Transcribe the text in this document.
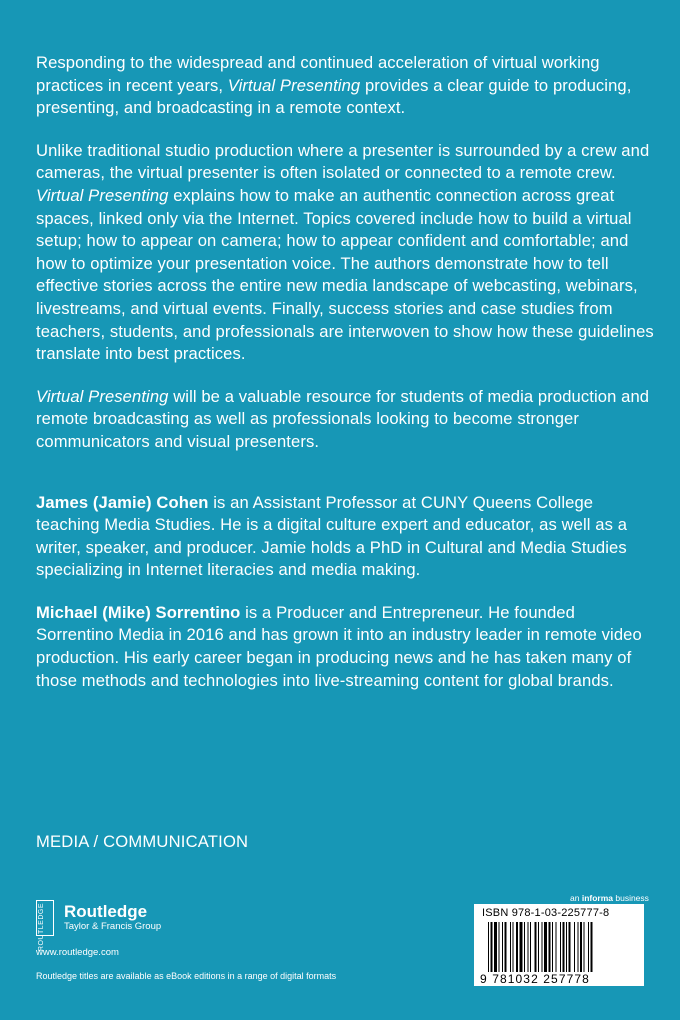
Responding to the widespread and continued acceleration of virtual working practices in recent years, Virtual Presenting provides a clear guide to producing, presenting, and broadcasting in a remote context.

Unlike traditional studio production where a presenter is surrounded by a crew and cameras, the virtual presenter is often isolated or connected to a remote crew. Virtual Presenting explains how to make an authentic connection across great spaces, linked only via the Internet. Topics covered include how to build a virtual setup; how to appear on camera; how to appear confident and comfortable; and how to optimize your presentation voice. The authors demonstrate how to tell effective stories across the entire new media landscape of webcasting, webinars, livestreams, and virtual events. Finally, success stories and case studies from teachers, students, and professionals are interwoven to show how these guidelines translate into best practices.

Virtual Presenting will be a valuable resource for students of media production and remote broadcasting as well as professionals looking to become stronger communicators and visual presenters.

James (Jamie) Cohen is an Assistant Professor at CUNY Queens College teaching Media Studies. He is a digital culture expert and educator, as well as a writer, speaker, and producer. Jamie holds a PhD in Cultural and Media Studies specializing in Internet literacies and media making.

Michael (Mike) Sorrentino is a Producer and Entrepreneur. He founded Sorrentino Media in 2016 and has grown it into an industry leader in remote video production. His early career began in producing news and he has taken many of those methods and technologies into live-streaming content for global brands.

MEDIA / COMMUNICATION
ROUTLEDGE Routledge
Taylor & Francis Group
www.routledge.com
Routledge titles are available as eBook editions in a range of digital formats
an informa business
ISBN 978-1-03-225777-8
9 781032 257778
